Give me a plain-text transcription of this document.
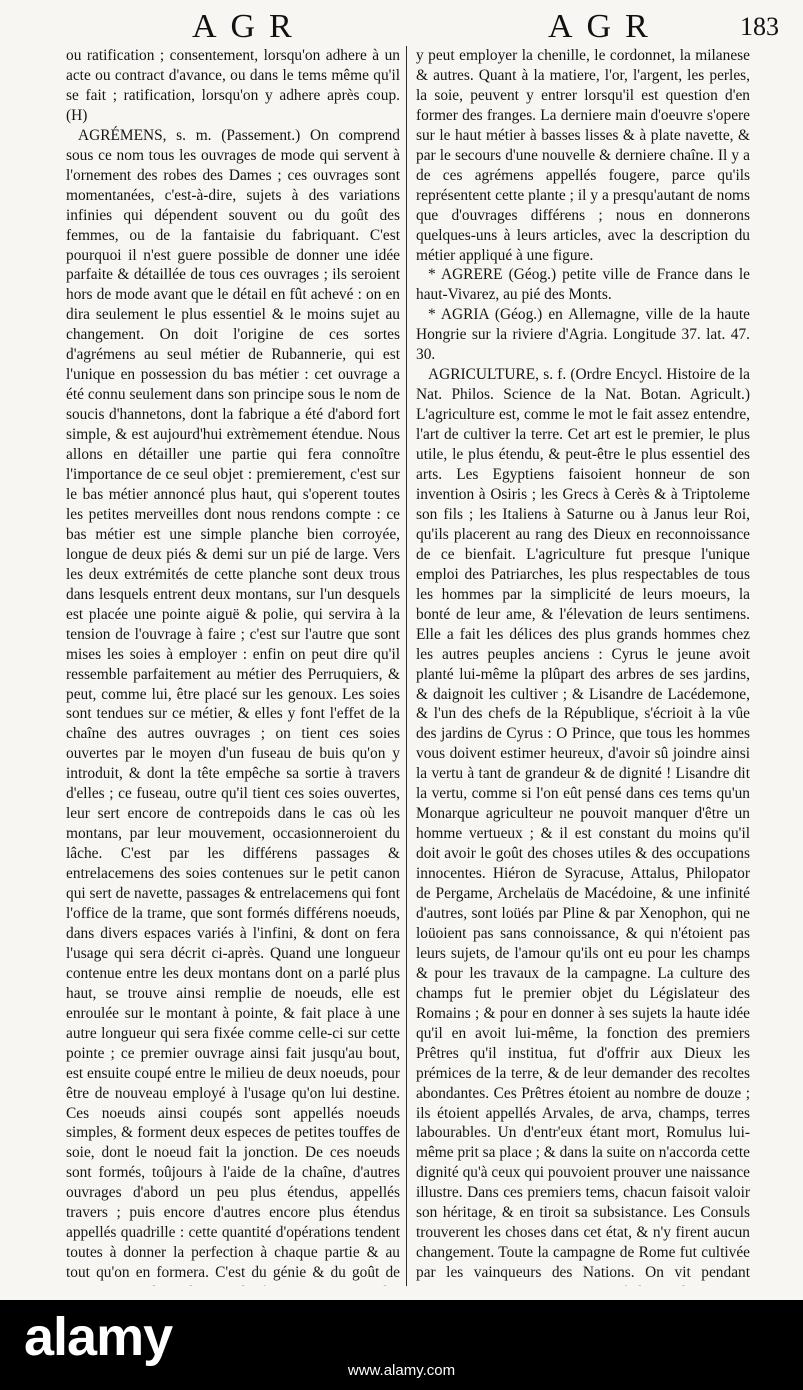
AGR	AGR	183

ou ratification ; consentement, lorsqu'on adhere à un acte ou contract d'avance, ou dans le tems même qu'il se fait ; ratification, lorsqu'on y adhere après coup. (H)

AGRÉMENS, s. m. (Passement.) On comprend sous ce nom tous les ouvrages de mode qui servent à l'ornement des robes des Dames ; ces ouvrages sont momentanées, c'est-à-dire, sujets à des variations infinies qui dépendent souvent ou du goût des femmes, ou de la fantaisie du fabriquant. C'est pourquoi il n'est guere possible de donner une idée parfaite & détaillée de tous ces ouvrages ; ils seroient hors de mode avant que le détail en fût achevé : on en dira seulement le plus essentiel & le moins sujet au changement. On doit l'origine de ces sortes d'agrémens au seul métier de Rubannerie, qui est l'unique en possession du bas métier : cet ouvrage a été connu seulement dans son principe sous le nom de soucis d'hannetons, dont la fabrique a été d'abord fort simple, & est aujourd'hui extrèmement étendue. Nous allons en détailler une partie qui fera connoître l'importance de ce seul objet : premierement, c'est sur le bas métier annoncé plus haut, qui s'operent toutes les petites merveilles dont nous rendons compte : ce bas métier est une simple planche bien corroyée, longue de deux piés & demi sur un pié de large. Vers les deux extrémités de cette planche sont deux trous dans lesquels entrent deux montans, sur l'un desquels est placée une pointe aiguë & polie, qui servira à la tension de l'ouvrage à faire ; c'est sur l'autre que sont mises les soies à employer : enfin on peut dire qu'il ressemble parfaitement au métier des Perruquiers, & peut, comme lui, être placé sur les genoux. Les soies sont tendues sur ce métier, & elles y font l'effet de la chaîne des autres ouvrages ; on tient ces soies ouvertes par le moyen d'un fuseau de buis qu'on y introduit, & dont la tête empêche sa sortie à travers d'elles ; ce fuseau, outre qu'il tient ces soies ouvertes, leur sert encore de contrepoids dans le cas où les montans, par leur mouvement, occasionneroient du lâche. C'est par les différens passages & entrelacemens des soies contenues sur le petit canon qui sert de navette, passages & entrelacemens qui font l'office de la trame, que sont formés différens noeuds, dans divers espaces variés à l'infini, & dont on fera l'usage qui sera décrit ci-après. Quand une longueur contenue entre les deux montans dont on a parlé plus haut, se trouve ainsi remplie de noeuds, elle est enroulée sur le montant à pointe, & fait place à une autre longueur qui sera fixée comme celle-ci sur cette pointe ; ce premier ouvrage ainsi fait jusqu'au bout, est ensuite coupé entre le milieu de deux noeuds, pour être de nouveau employé à l'usage qu'on lui destine. Ces noeuds ainsi coupés sont appellés noeuds simples, & forment deux especes de petites touffes de soie, dont le noeud fait la jonction. De ces noeuds sont formés, toûjours à l'aide de la chaîne, d'autres ouvrages d'abord un peu plus étendus, appellés travers ; puis encore d'autres encore plus étendus appellés quadrille : cette quantité d'opérations tendent toutes à donner la perfection à chaque partie & au tout qu'on en formera. C'est du génie & du goût de

y peut employer la chenille, le cordonnet, la milanese & autres. Quant à la matiere, l'or, l'argent, les perles, la soie, peuvent y entrer lorsqu'il est question d'en former des franges. La derniere main d'oeuvre s'opere sur le haut métier à basses lisses & à plate navette, & par le secours d'une nouvelle & derniere chaîne. Il y a de ces agrémens appellés fougere, parce qu'ils représentent cette plante ; il y a presqu'autant de noms que d'ouvrages différens ; nous en donnerons quelques-uns à leurs articles, avec la description du métier appliqué à une figure.

* AGRERE (Géog.) petite ville de France dans le haut-Vivarez, au pié des Monts.

* AGRIA (Géog.) en Allemagne, ville de la haute Hongrie sur la riviere d'Agria. Longitude 37. lat. 47. 30.

AGRICULTURE, s. f. (Ordre Encycl. Histoire de la Nat. Philos. Science de la Nat. Botan. Agricult.) L'agriculture est, comme le mot le fait assez entendre, l'art de cultiver la terre. Cet art est le premier, le plus utile, le plus étendu, & peut-être le plus essentiel des arts. Les Egyptiens faisoient honneur de son invention à Osiris ; les Grecs à Cerès & à Triptoleme son fils ; les Italiens à Saturne ou à Janus leur Roi, qu'ils placerent au rang des Dieux en reconnoissance de ce bienfait. L'agriculture fut presque l'unique emploi des Patriarches, les plus respectables de tous les hommes par la simplicité de leurs moeurs, la bonté de leur ame, & l'élevation de leurs sentimens. Elle a fait les délices des plus grands hommes chez les autres peuples anciens : Cyrus le jeune avoit planté lui-même la plûpart des arbres de ses jardins, & daignoit les cultiver ; & Lisandre de Lacédemone, & l'un des chefs de la République, s'écrioit à la vûe des jardins de Cyrus : O Prince, que tous les hommes vous doivent estimer heureux, d'avoir sû joindre ainsi la vertu à tant de grandeur & de dignité ! Lisandre dit la vertu, comme si l'on eût pensé dans ces tems qu'un Monarque agriculteur ne pouvoit manquer d'être un homme vertueux ; & il est constant du moins qu'il doit avoir le goût des choses utiles & des occupations innocentes. Hiéron de Syracuse, Attalus, Philopator de Pergame, Archelaüs de Macédoine, & une infinité d'autres, sont loüés par Pline & par Xenophon, qui ne loüoient pas sans connoissance, & qui n'étoient pas leurs sujets, de l'amour qu'ils ont eu pour les champs & pour les travaux de la campagne. La culture des champs fut le premier objet du Législateur des Romains ; & pour en donner à ses sujets la haute idée qu'il en avoit lui-même, la fonction des premiers Prêtres qu'il institua, fut d'offrir aux Dieux les prémices de la terre, & de leur demander des recoltes abondantes. Ces Prêtres étoient au nombre de douze ; ils étoient appellés Arvales, de arva, champs, terres labourables. Un d'entr'eux étant mort, Romulus lui-même prit sa place ; & dans la suite on n'accorda cette dignité qu'à ceux qui pouvoient prouver une naissance illustre. Dans ces premiers tems, chacun faisoit valoir son héritage, & en tiroit sa subsistance. Les Consuls trouverent les choses dans cet état, & n'y firent aucun changement. Toute la campagne de Rome fut cultivée par les vainqueurs des Nations. On vit pendant

alamy
www.alamy.com
